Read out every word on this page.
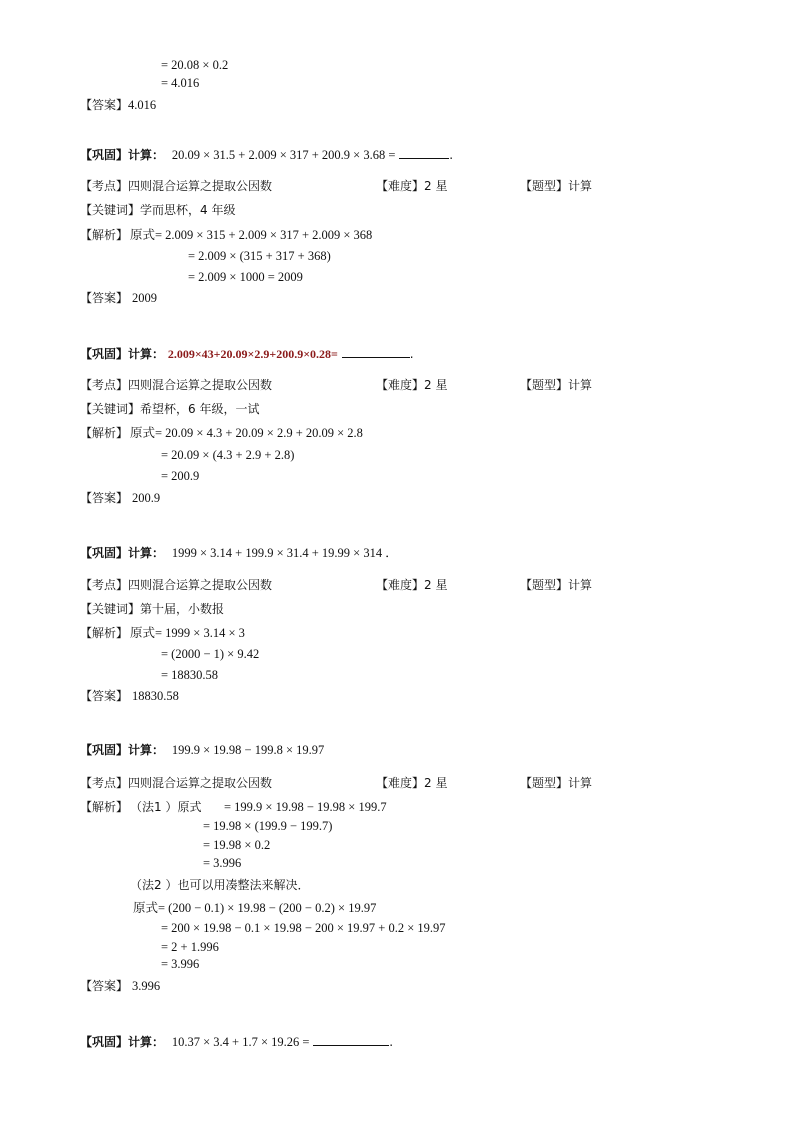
= 20.08 × 0.2
= 4.016
【答案】4.016
【巩固】计算： 20.09 × 31.5 + 2.009 × 317 + 200.9 × 3.68 =	.
【考点】四则混合运算之提取公因数	【难度】2 星	【题型】计算
【关键词】学而思杯，4 年级
【解析】 原式= 2.009 × 315 + 2.009 × 317 + 2.009 × 368
= 2.009 × (315 + 317 + 368)
= 2.009 × 1000 = 2009
【答案】 2009
【巩固】计算： 2.009×43+20.09×2.9+200.9×0.28=	.
【考点】四则混合运算之提取公因数	【难度】2 星	【题型】计算
【关键词】希望杯，6 年级，一试
【解析】 原式= 20.09 × 4.3 + 20.09 × 2.9 + 20.09 × 2.8
= 20.09 × (4.3 + 2.9 + 2.8)
= 200.9
【答案】 200.9
【巩固】计算： 1999 × 3.14 + 199.9 × 31.4 + 19.99 × 314 ．
【考点】四则混合运算之提取公因数	【难度】2 星	【题型】计算
【关键词】第十届，小数报
【解析】 原式= 1999 × 3.14 × 3
= (2000 − 1) × 9.42
= 18830.58
【答案】 18830.58
【巩固】计算： 199.9 × 19.98 − 199.8 × 19.97
【考点】四则混合运算之提取公因数	【难度】2 星	【题型】计算
【解析】 （法1 ）原式 = 199.9 × 19.98 − 19.98 × 199.7
= 19.98 × (199.9 − 199.7)
= 19.98 × 0.2
= 3.996
（法2 ）也可以用凑整法来解决．
原式= (200 − 0.1) × 19.98 − (200 − 0.2) × 19.97
= 200 × 19.98 − 0.1 × 19.98 − 200 × 19.97 + 0.2 × 19.97
= 2 + 1.996
= 3.996
【答案】 3.996
【巩固】计算： 10.37 × 3.4 + 1.7 × 19.26 =	.
